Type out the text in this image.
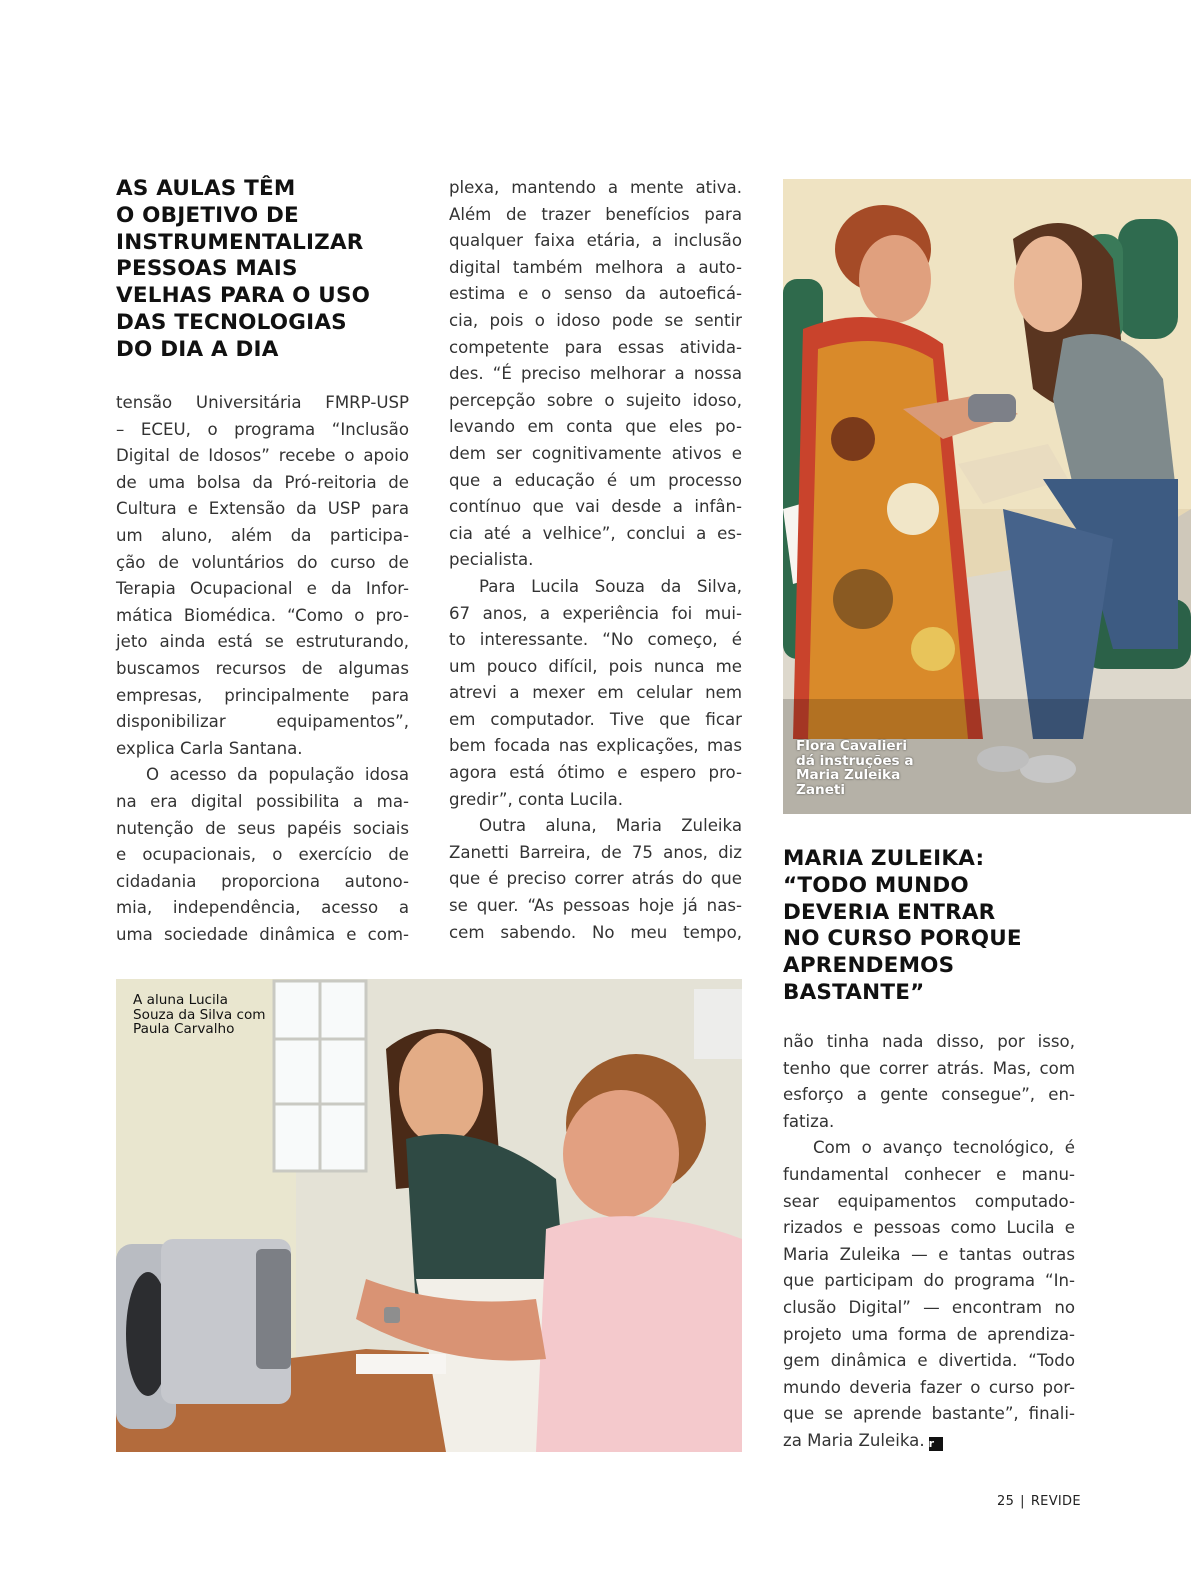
AS AULAS TÊM
O OBJETIVO DE
INSTRUMENTALIZAR
PESSOAS MAIS
VELHAS PARA O USO
DAS TECNOLOGIAS
DO DIA A DIA
tensão Universitária FMRP-USP
– ECEU, o programa “Inclusão
Digital de Idosos” recebe o apoio
de uma bolsa da Pró-reitoria de
Cultura e Extensão da USP para
um aluno, além da participa-
ção de voluntários do curso de
Terapia Ocupacional e da Infor-
mática Biomédica. “Como o pro-
jeto ainda está se estruturando,
buscamos recursos de algumas
empresas, principalmente para
disponibilizar equipamentos”,
explica Carla Santana.
O acesso da população idosa
na era digital possibilita a ma-
nutenção de seus papéis sociais
e ocupacionais, o exercício de
cidadania proporciona autono-
mia, independência, acesso a
uma sociedade dinâmica e com-
plexa, mantendo a mente ativa.
Além de trazer benefícios para
qualquer faixa etária, a inclusão
digital também melhora a auto-
estima e o senso da autoeficá-
cia, pois o idoso pode se sentir
competente para essas ativida-
des. “É preciso melhorar a nossa
percepção sobre o sujeito idoso,
levando em conta que eles po-
dem ser cognitivamente ativos e
que a educação é um processo
contínuo que vai desde a infân-
cia até a velhice”, conclui a es-
pecialista.
Para Lucila Souza da Silva,
67 anos, a experiência foi mui-
to interessante. “No começo, é
um pouco difícil, pois nunca me
atrevi a mexer em celular nem
em computador. Tive que ficar
bem focada nas explicações, mas
agora está ótimo e espero pro-
gredir”, conta Lucila.
Outra aluna, Maria Zuleika
Zanetti Barreira, de 75 anos, diz
que é preciso correr atrás do que
se quer. “As pessoas hoje já nas-
cem sabendo. No meu tempo,

Flora Cavalieri
dá instruções a
Maria Zuleika
Zaneti

MARIA ZULEIKA:
“TODO MUNDO
DEVERIA ENTRAR
NO CURSO PORQUE
APRENDEMOS
BASTANTE”
não tinha nada disso, por isso,
tenho que correr atrás. Mas, com
esforço a gente consegue”, en-
fatiza.
Com o avanço tecnológico, é
fundamental conhecer e manu-
sear equipamentos computado-
rizados e pessoas como Lucila e
Maria Zuleika — e tantas outras
que participam do programa “In-
clusão Digital” — encontram no
projeto uma forma de aprendiza-
gem dinâmica e divertida. “Todo
mundo deveria fazer o curso por-
que se aprende bastante”, finali-
za Maria Zuleika. r

A aluna Lucila
Souza da Silva com
Paula Carvalho

25 | REVIDE
